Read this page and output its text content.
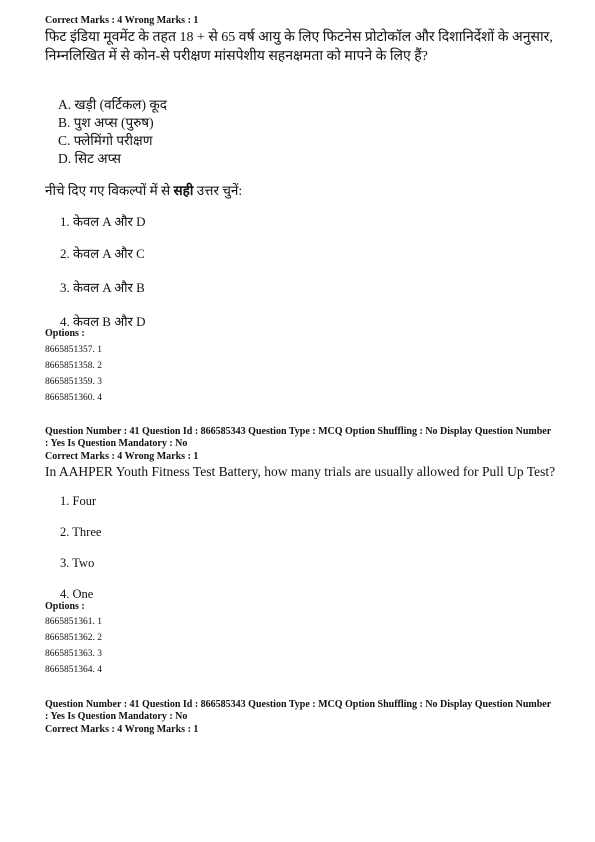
Correct Marks : 4 Wrong Marks : 1
फिट इंडिया मूवमेंट के तहत 18 + से 65 वर्ष आयु के लिए फिटनेस प्रोटोकॉल और दिशानिर्देशों के अनुसार, निम्नलिखित में से कोन-से परीक्षण मांसपेशीय सहनक्षमता को मापने के लिए हैं?
A. खड़ी (वर्टिकल) कूद
B. पुश अप्स (पुरुष)
C. फ्लेमिंगो परीक्षण
D. सिट अप्स
नीचे दिए गए विकल्पों में से सही उत्तर चुनें:
1. केवल A और D
2. केवल A और C
3. केवल A और B
4. केवल B और D
Options :
8665851357. 1
8665851358. 2
8665851359. 3
8665851360. 4
Question Number : 41 Question Id : 866585343 Question Type : MCQ Option Shuffling : No Display Question Number : Yes Is Question Mandatory : No
Correct Marks : 4 Wrong Marks : 1
In AAHPER Youth Fitness Test Battery, how many trials are usually allowed for Pull Up Test?
1. Four
2. Three
3. Two
4. One
Options :
8665851361. 1
8665851362. 2
8665851363. 3
8665851364. 4
Question Number : 41 Question Id : 866585343 Question Type : MCQ Option Shuffling : No Display Question Number : Yes Is Question Mandatory : No
Correct Marks : 4 Wrong Marks : 1
